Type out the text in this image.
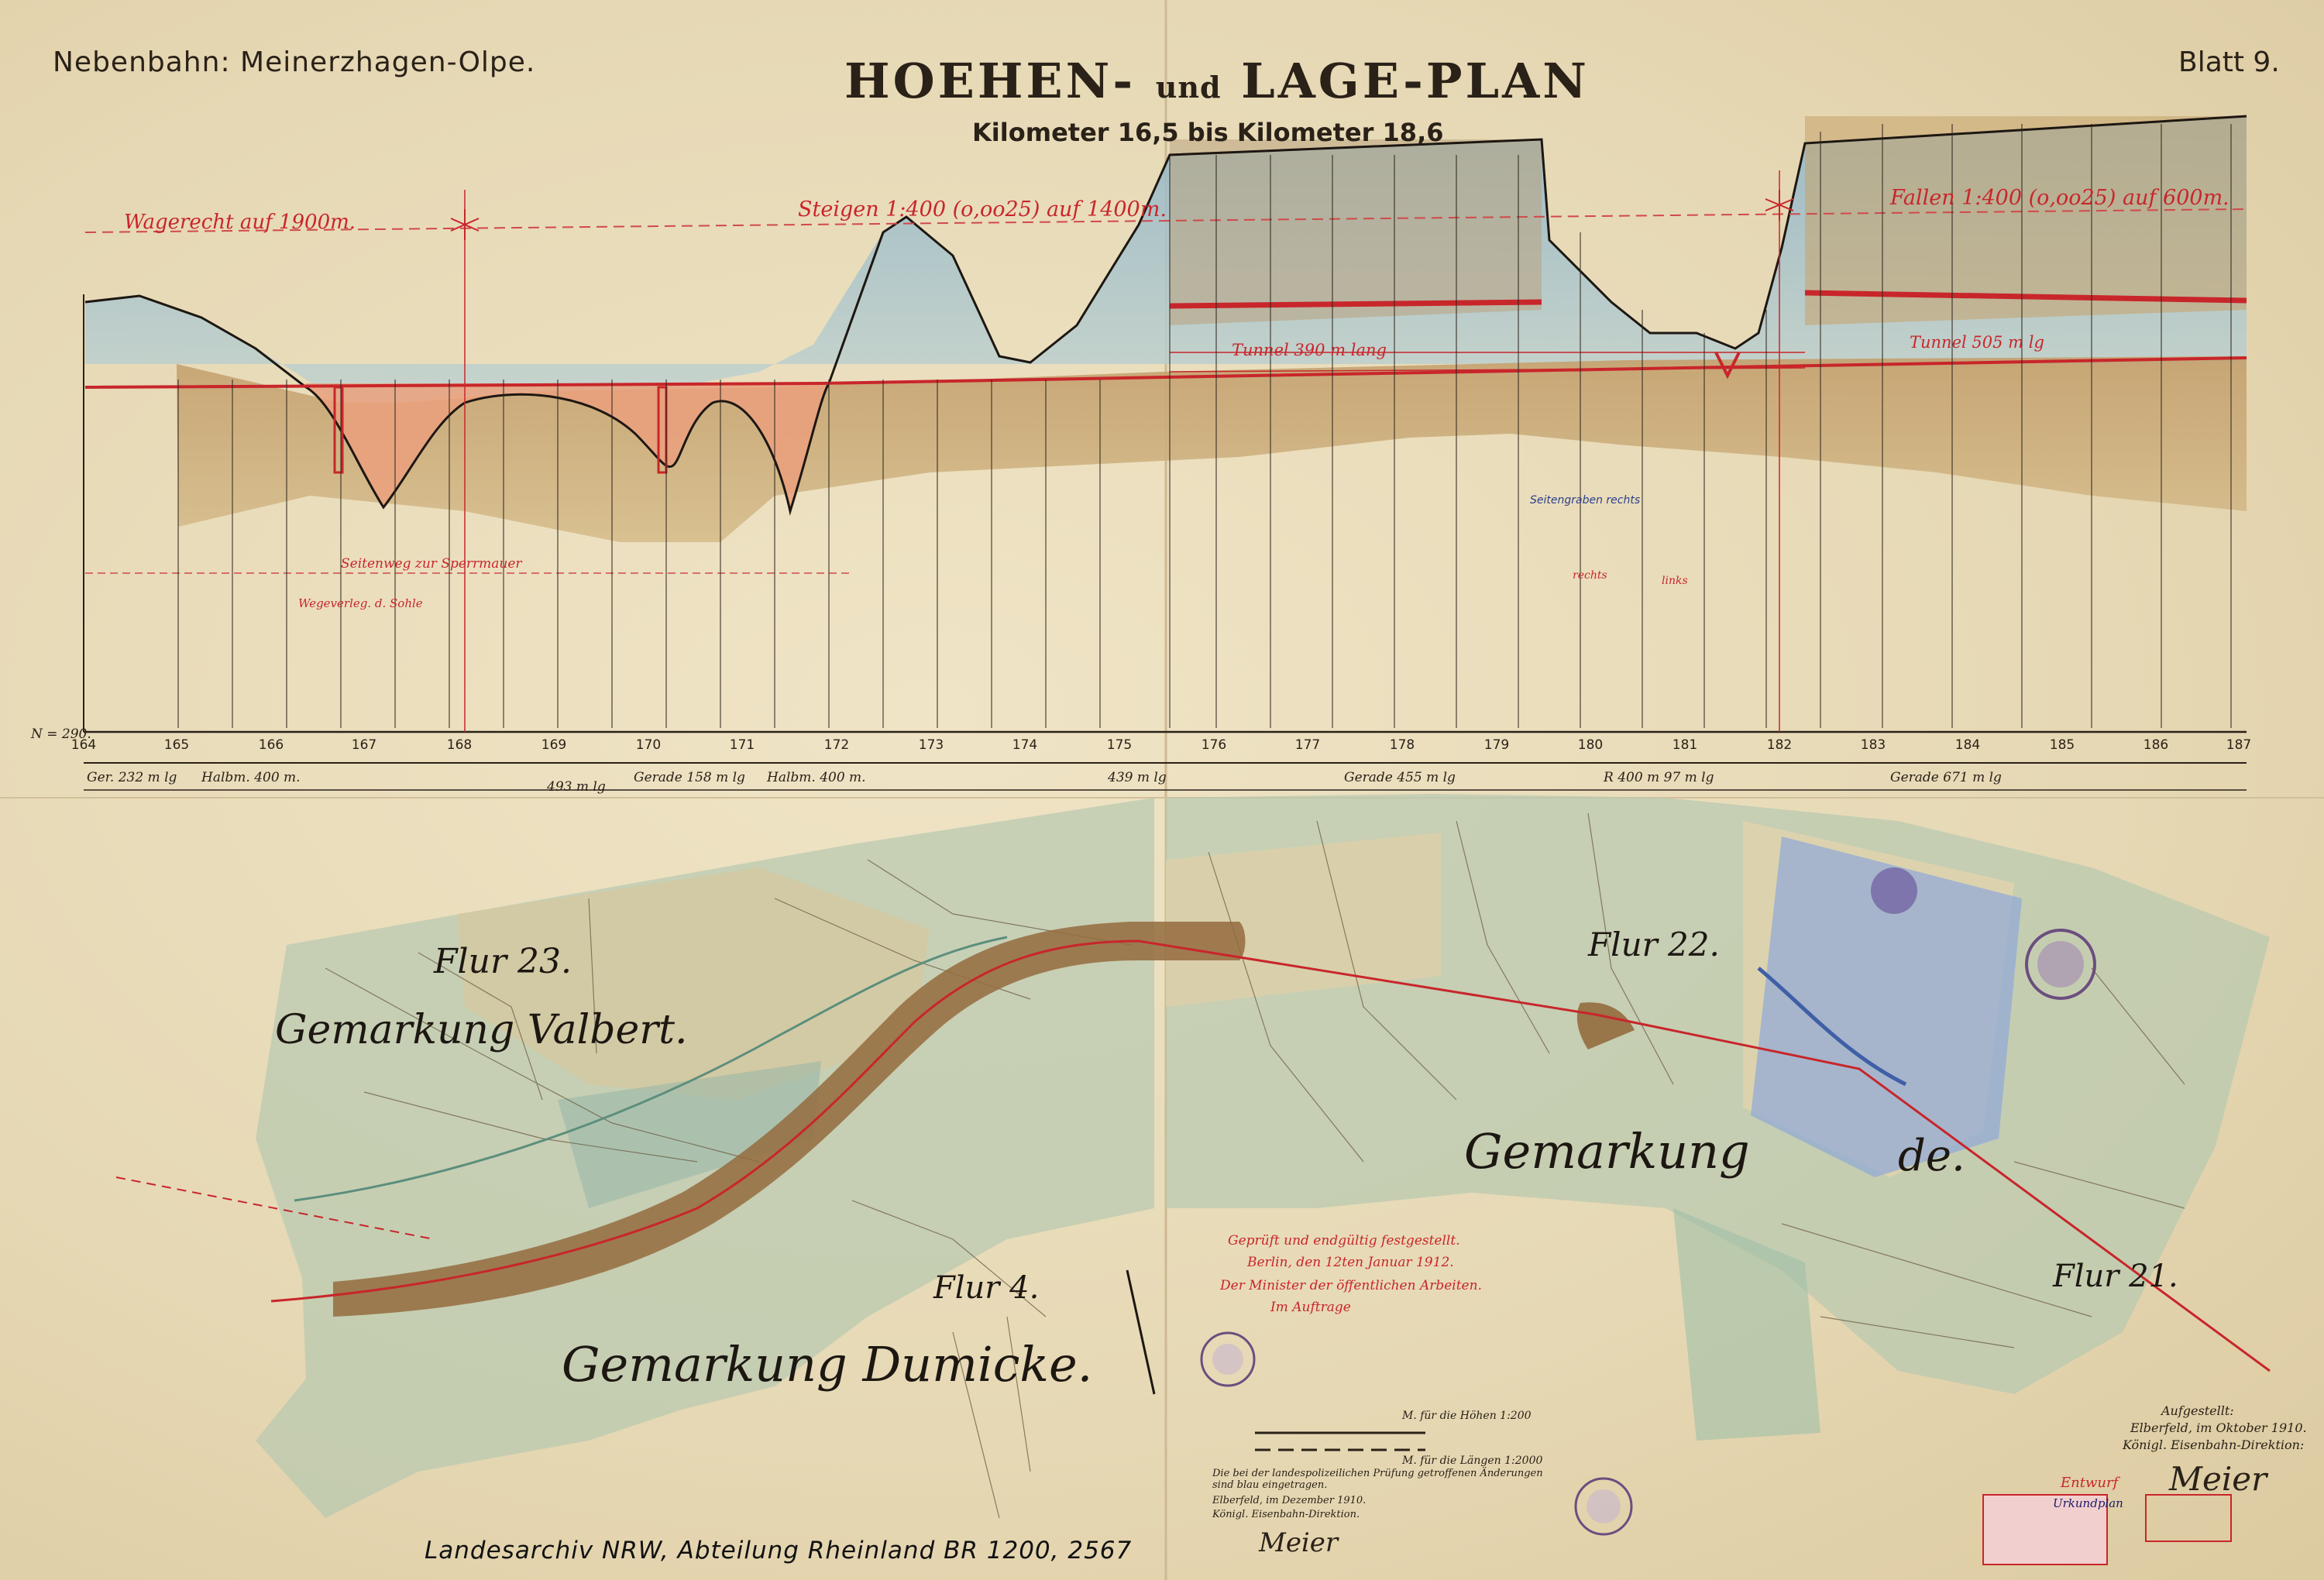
Nebenbahn: Meinerzhagen-Olpe.	HOEHEN- und LAGE-PLAN
Kilometer 16,5 bis Kilometer 18,6
Blatt 9.
Wagerecht auf 1900m.
Steigen 1:400 (o,oo25) auf 1400m.	Fallen 1:400 (o,oo25) auf 600m.
Tunnel 390 m lang	Tunnel 505 m lg
Seitenweg zur Sperrmauer
Wegeverleg. d. Sohle
Seitengraben rechts
rechts	links
N = 290.
164	165	166	167	168	169	170	171	172	173	174	175	176	177	178	179	180	181	182	183	184	185	186	187
Ger. 232 m lg Halbm. 400 m.
493 m lg
Gerade 158 m lg Halbm. 400 m.	439 m lg	Gerade 455 m lg	R 400 m 97 m lg	Gerade 671 m lg
Flur 23.	Flur 22.
Flur 4.	Flur 21.
Gemarkung Valbert.
Gemarkung Dumicke.
Gemarkung	de.
Geprüft und endgültig festgestellt.
Berlin, den 12ten Januar 1912.
Der Minister der öffentlichen Arbeiten.
Im Auftrage
M. für die Höhen 1:200
M. für die Längen 1:2000
Die bei der landespolizeilichen Prüfung getroffenen Änderungen sind blau eingetragen.
Elberfeld, im Dezember 1910.
Königl. Eisenbahn-Direktion.
Meier
Aufgestellt:
Elberfeld, im Oktober 1910.
Königl. Eisenbahn-Direktion:
Meier
Entwurf
Urkundplan
Landesarchiv NRW, Abteilung Rheinland BR 1200, 2567
